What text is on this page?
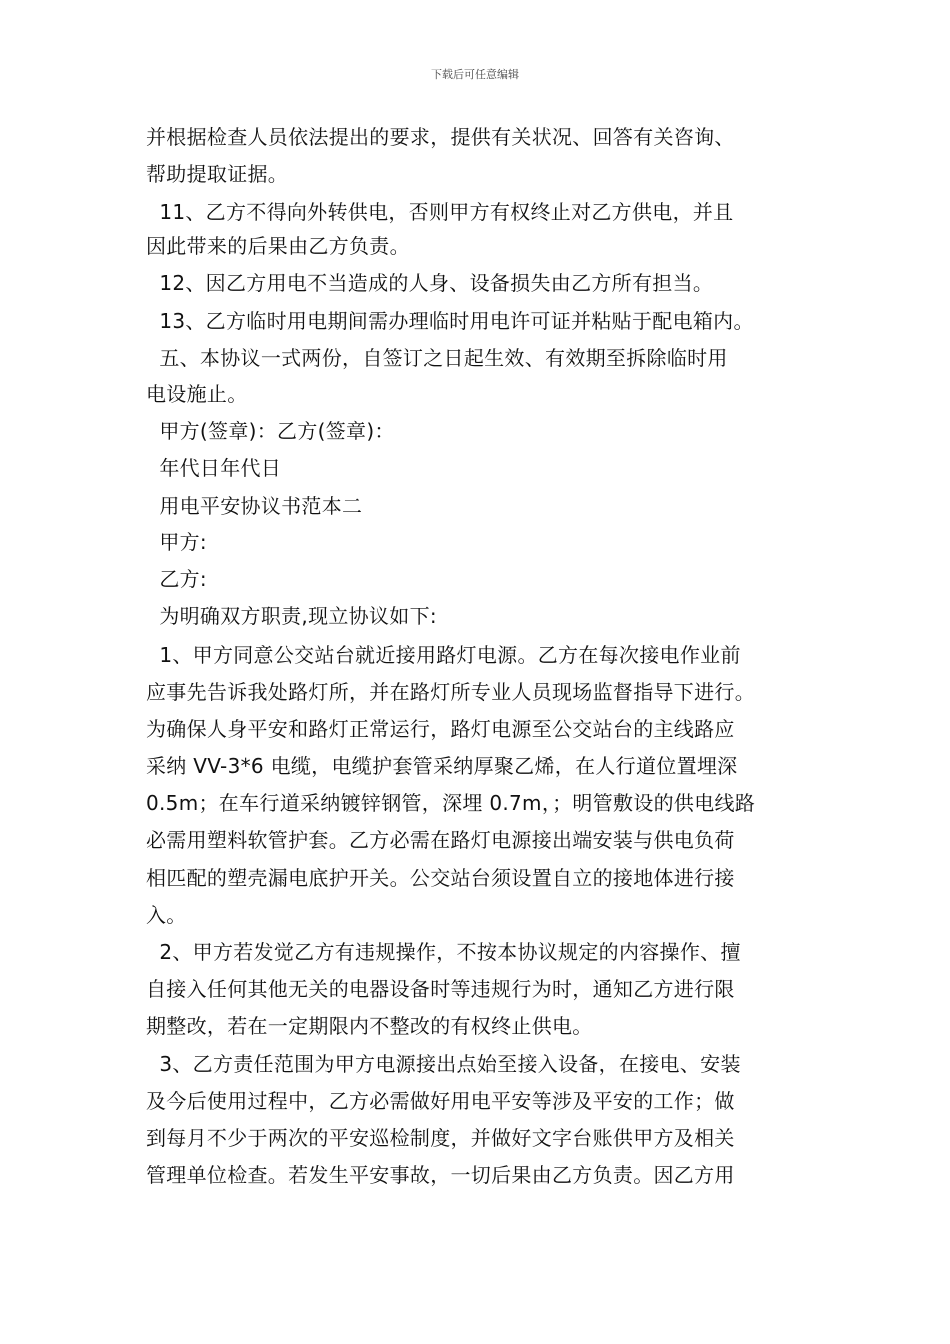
下载后可任意编辑
并根据检查人员依法提出的要求，提供有关状况、回答有关咨询、
帮助提取证据。
11、乙方不得向外转供电，否则甲方有权终止对乙方供电，并且
因此带来的后果由乙方负责。
12、因乙方用电不当造成的人身、设备损失由乙方所有担当。
13、乙方临时用电期间需办理临时用电许可证并粘贴于配电箱内。
五、本协议一式两份，自签订之日起生效、有效期至拆除临时用
电设施止。
甲方(签章)：乙方(签章)：
年代日年代日
用电平安协议书范本二
甲方:
乙方:
为明确双方职责,现立协议如下:
1、甲方同意公交站台就近接用路灯电源。乙方在每次接电作业前
应事先告诉我处路灯所，并在路灯所专业人员现场监督指导下进行。
为确保人身平安和路灯正常运行，路灯电源至公交站台的主线路应
采纳 VV-3*6 电缆，电缆护套管采纳厚聚乙烯，在人行道位置埋深
0.5m；在车行道采纳镀锌钢管，深埋 0.7m，；明管敷设的供电线路
必需用塑料软管护套。乙方必需在路灯电源接出端安装与供电负荷
相匹配的塑壳漏电底护开关。公交站台须设置自立的接地体进行接
入。
2、甲方若发觉乙方有违规操作，不按本协议规定的内容操作、擅
自接入任何其他无关的电器设备时等违规行为时，通知乙方进行限
期整改，若在一定期限内不整改的有权终止供电。
3、乙方责任范围为甲方电源接出点始至接入设备，在接电、安装
及今后使用过程中，乙方必需做好用电平安等涉及平安的工作；做
到每月不少于两次的平安巡检制度，并做好文字台账供甲方及相关
管理单位检查。若发生平安事故，一切后果由乙方负责。因乙方用
